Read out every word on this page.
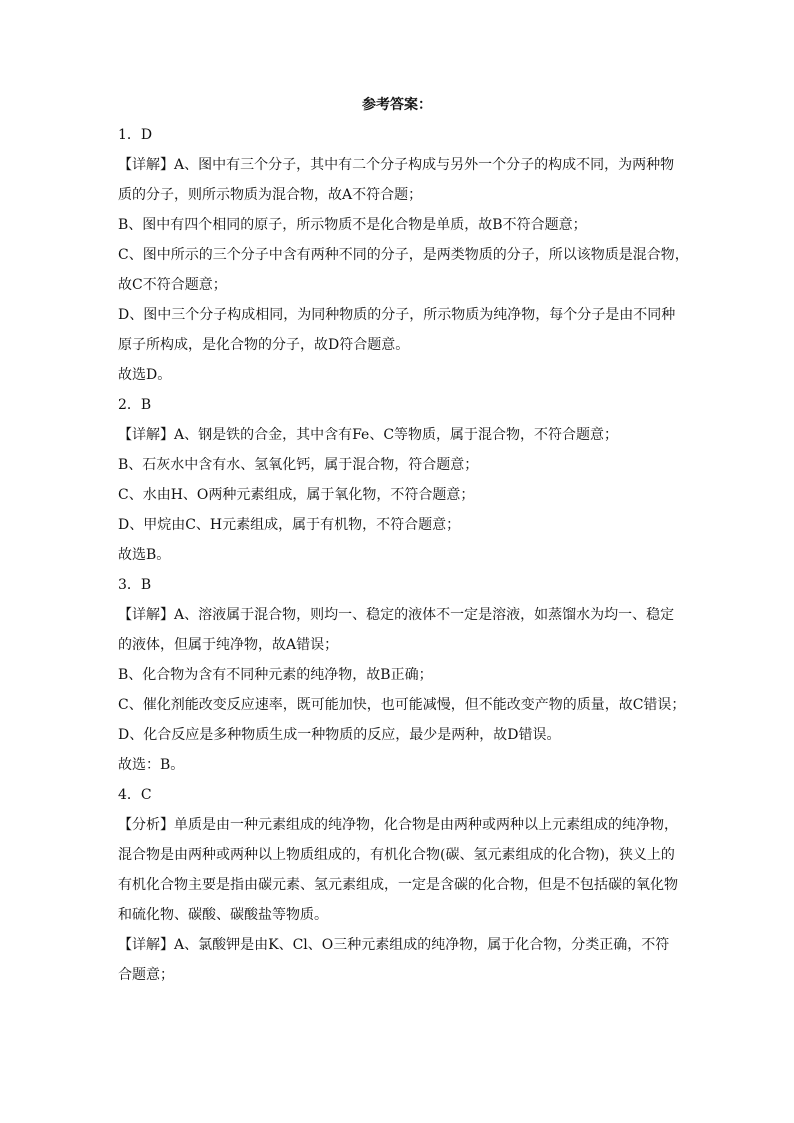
参考答案：
1．D
【详解】A、图中有三个分子，其中有二个分子构成与另外一个分子的构成不同，为两种物
质的分子，则所示物质为混合物，故A不符合题；
B、图中有四个相同的原子，所示物质不是化合物是单质，故B不符合题意；
C、图中所示的三个分子中含有两种不同的分子，是两类物质的分子，所以该物质是混合物，
故C不符合题意；
D、图中三个分子构成相同，为同种物质的分子，所示物质为纯净物，每个分子是由不同种
原子所构成，是化合物的分子，故D符合题意。
故选D。
2．B
【详解】A、钢是铁的合金，其中含有Fe、C等物质，属于混合物，不符合题意；
B、石灰水中含有水、氢氧化钙，属于混合物，符合题意；
C、水由H、O两种元素组成，属于氧化物，不符合题意；
D、甲烷由C、H元素组成，属于有机物，不符合题意；
故选B。
3．B
【详解】A、溶液属于混合物，则均一、稳定的液体不一定是溶液，如蒸馏水为均一、稳定
的液体，但属于纯净物，故A错误；
B、化合物为含有不同种元素的纯净物，故B正确；
C、催化剂能改变反应速率，既可能加快，也可能减慢，但不能改变产物的质量，故C错误；
D、化合反应是多种物质生成一种物质的反应，最少是两种，故D错误。
故选：B。
4．C
【分析】单质是由一种元素组成的纯净物，化合物是由两种或两种以上元素组成的纯净物，
混合物是由两种或两种以上物质组成的，有机化合物(碳、氢元素组成的化合物)，狭义上的
有机化合物主要是指由碳元素、氢元素组成，一定是含碳的化合物，但是不包括碳的氧化物
和硫化物、碳酸、碳酸盐等物质。
【详解】A、氯酸钾是由K、Cl、O三种元素组成的纯净物，属于化合物，分类正确，不符
合题意；
